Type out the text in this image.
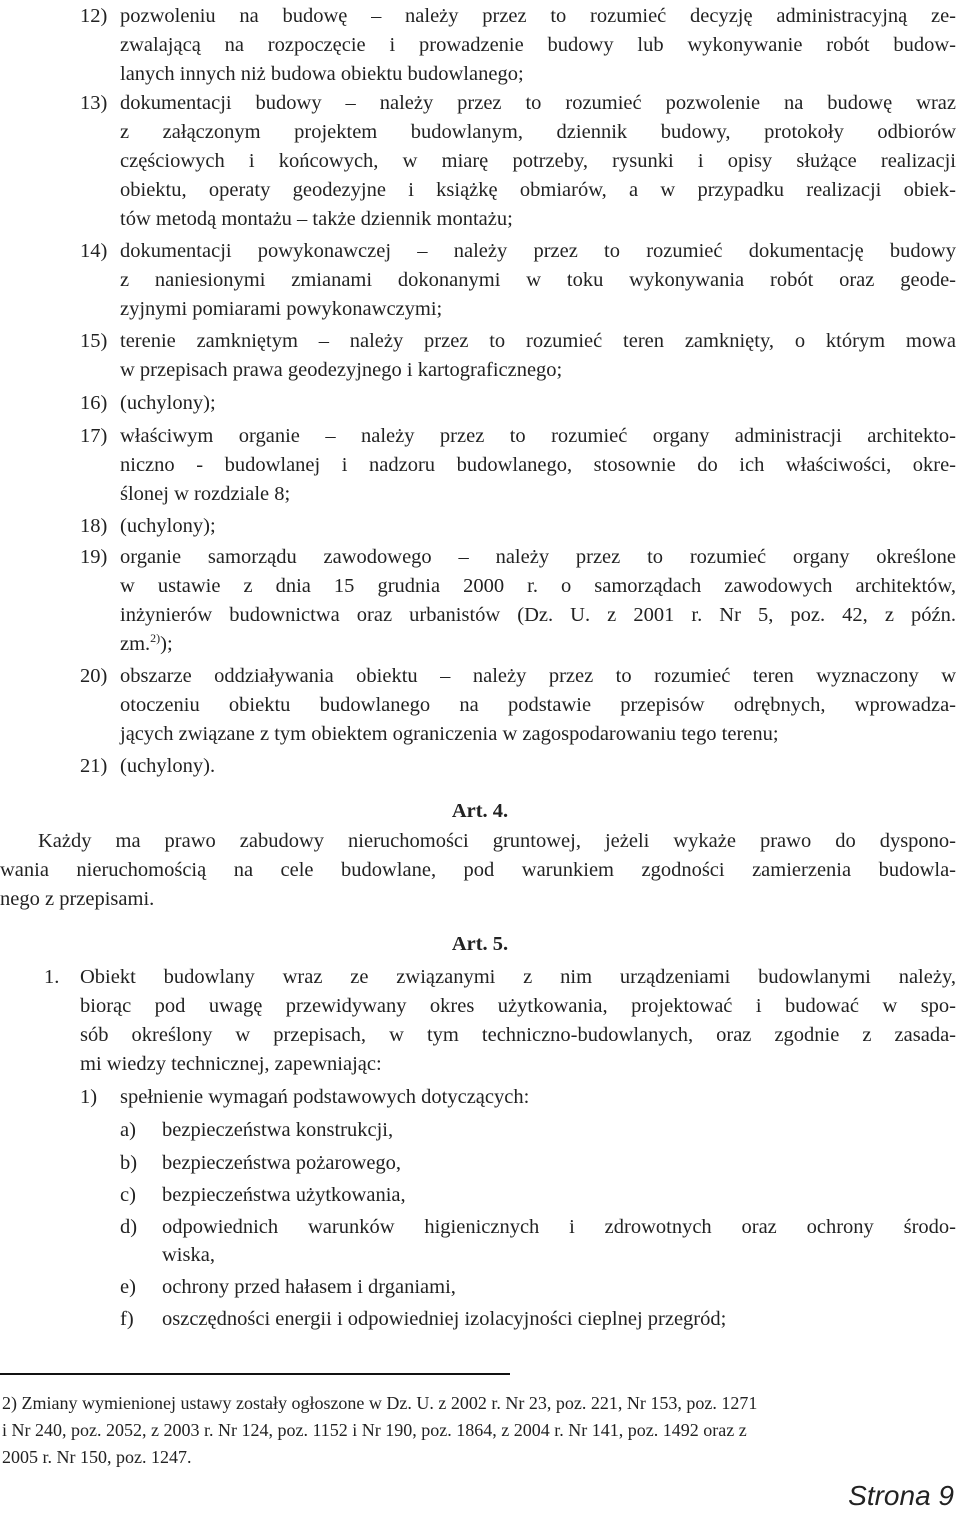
12) pozwoleniu na budowę – należy przez to rozumieć decyzję administracyjną ze-
zwalającą na rozpoczęcie i prowadzenie budowy lub wykonywanie robót budow-
lanych innych niż budowa obiektu budowlanego;
13) dokumentacji budowy – należy przez to rozumieć pozwolenie na budowę wraz
z załączonym projektem budowlanym, dziennik budowy, protokoły odbiorów
częściowych i końcowych, w miarę potrzeby, rysunki i opisy służące realizacji
obiektu, operaty geodezyjne i książkę obmiarów, a w przypadku realizacji obiek-
tów metodą montażu – także dziennik montażu;
14) dokumentacji powykonawczej – należy przez to rozumieć dokumentację budowy
z naniesionymi zmianami dokonanymi w toku wykonywania robót oraz geode-
zyjnymi pomiarami powykonawczymi;
15) terenie zamkniętym – należy przez to rozumieć teren zamknięty, o którym mowa
w przepisach prawa geodezyjnego i kartograficznego;
16) (uchylony);
17) właściwym organie – należy przez to rozumieć organy administracji architekto-
niczno - budowlanej i nadzoru budowlanego, stosownie do ich właściwości, okre-
ślonej w rozdziale 8;
18) (uchylony);
19) organie samorządu zawodowego – należy przez to rozumieć organy określone
w ustawie z dnia 15 grudnia 2000 r. o samorządach zawodowych architektów,
inżynierów budownictwa oraz urbanistów (Dz. U. z 2001 r. Nr 5, poz. 42, z późn.
zm.$^{2)}$);
20) obszarze oddziaływania obiektu – należy przez to rozumieć teren wyznaczony w
otoczeniu obiektu budowlanego na podstawie przepisów odrębnych, wprowadza-
jących związane z tym obiektem ograniczenia w zagospodarowaniu tego terenu;
21) (uchylony).
Art. 4.
Każdy ma prawo zabudowy nieruchomości gruntowej, jeżeli wykaże prawo do dyspono-
wania nieruchomością na cele budowlane, pod warunkiem zgodności zamierzenia budowla-
nego z przepisami.
Art. 5.
1. Obiekt budowlany wraz ze związanymi z nim urządzeniami budowlanymi należy,
biorąc pod uwagę przewidywany okres użytkowania, projektować i budować w spo-
sób określony w przepisach, w tym techniczno-budowlanych, oraz zgodnie z zasada-
mi wiedzy technicznej, zapewniając:
1) spełnienie wymagań podstawowych dotyczących:
a) bezpieczeństwa konstrukcji,
b) bezpieczeństwa pożarowego,
c) bezpieczeństwa użytkowania,
d) odpowiednich warunków higienicznych i zdrowotnych oraz ochrony środo-
wiska,
e) ochrony przed hałasem i drganiami,
f) oszczędności energii i odpowiedniej izolacyjności cieplnej przegród;
2) Zmiany wymienionej ustawy zostały ogłoszone w Dz. U. z 2002 r. Nr 23, poz. 221, Nr 153, poz. 1271
i Nr 240, poz. 2052, z 2003 r. Nr 124, poz. 1152 i Nr 190, poz. 1864, z 2004 r. Nr 141, poz. 1492 oraz z
2005 r. Nr 150, poz. 1247.
Strona 9
